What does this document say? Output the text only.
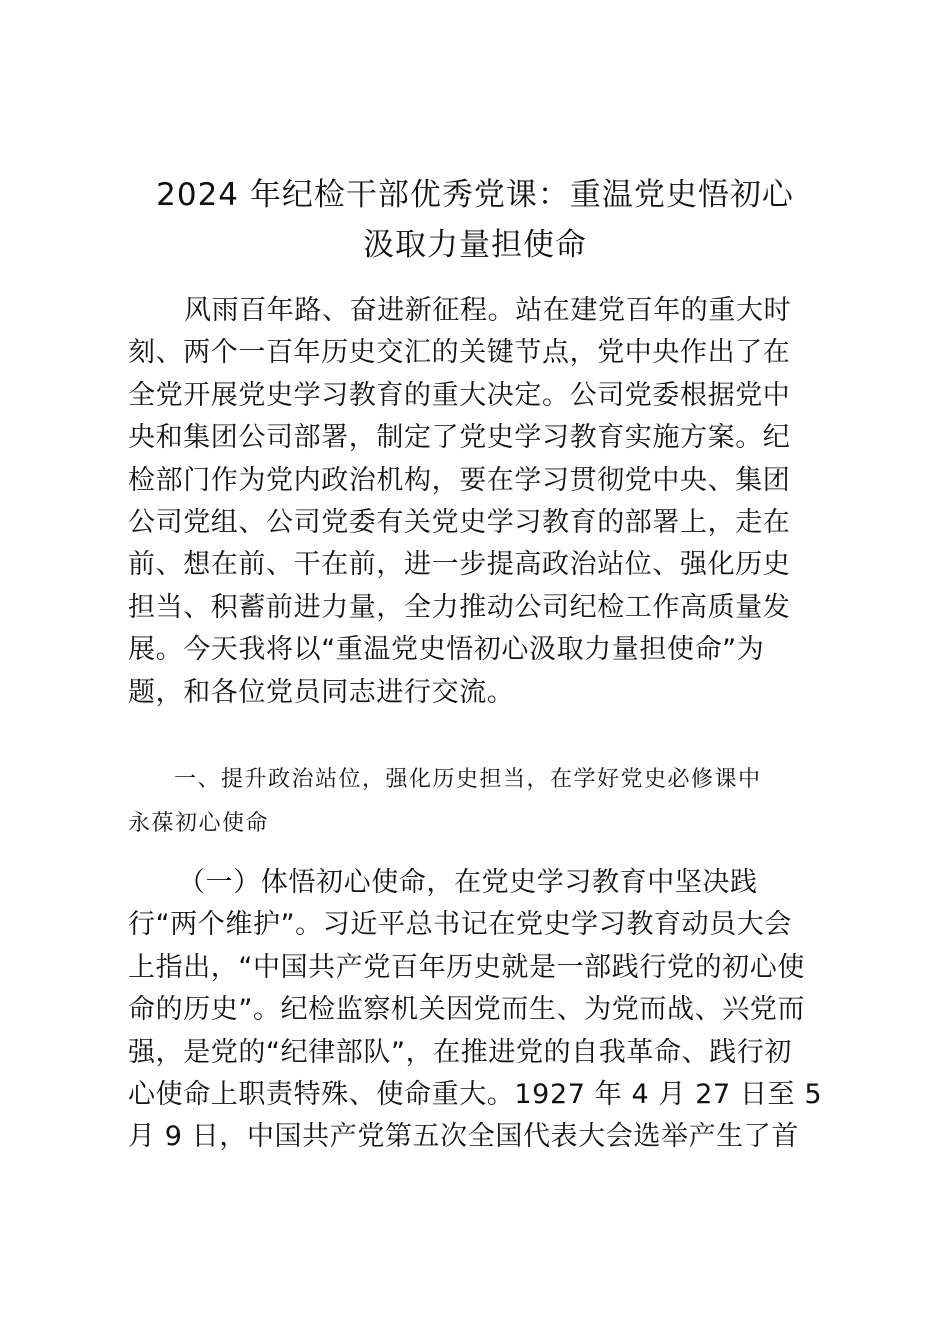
2024 年纪检干部优秀党课：重温党史悟初心
汲取力量担使命
风雨百年路、奋进新征程。站在建党百年的重大时
刻、两个一百年历史交汇的关键节点，党中央作出了在
全党开展党史学习教育的重大决定。公司党委根据党中
央和集团公司部署，制定了党史学习教育实施方案。纪
检部门作为党内政治机构，要在学习贯彻党中央、集团
公司党组、公司党委有关党史学习教育的部署上，走在
前、想在前、干在前，进一步提高政治站位、强化历史
担当、积蓄前进力量，全力推动公司纪检工作高质量发
展。今天我将以“重温党史悟初心汲取力量担使命”为
题，和各位党员同志进行交流。
一、提升政治站位，强化历史担当，在学好党史必修课中
永葆初心使命
（一）体悟初心使命，在党史学习教育中坚决践
行“两个维护”。习近平总书记在党史学习教育动员大会
上指出，“中国共产党百年历史就是一部践行党的初心使
命的历史”。纪检监察机关因党而生、为党而战、兴党而
强，是党的“纪律部队”，在推进党的自我革命、践行初
心使命上职责特殊、使命重大。1927 年 4 月 27 日至 5
月 9 日，中国共产党第五次全国代表大会选举产生了首
